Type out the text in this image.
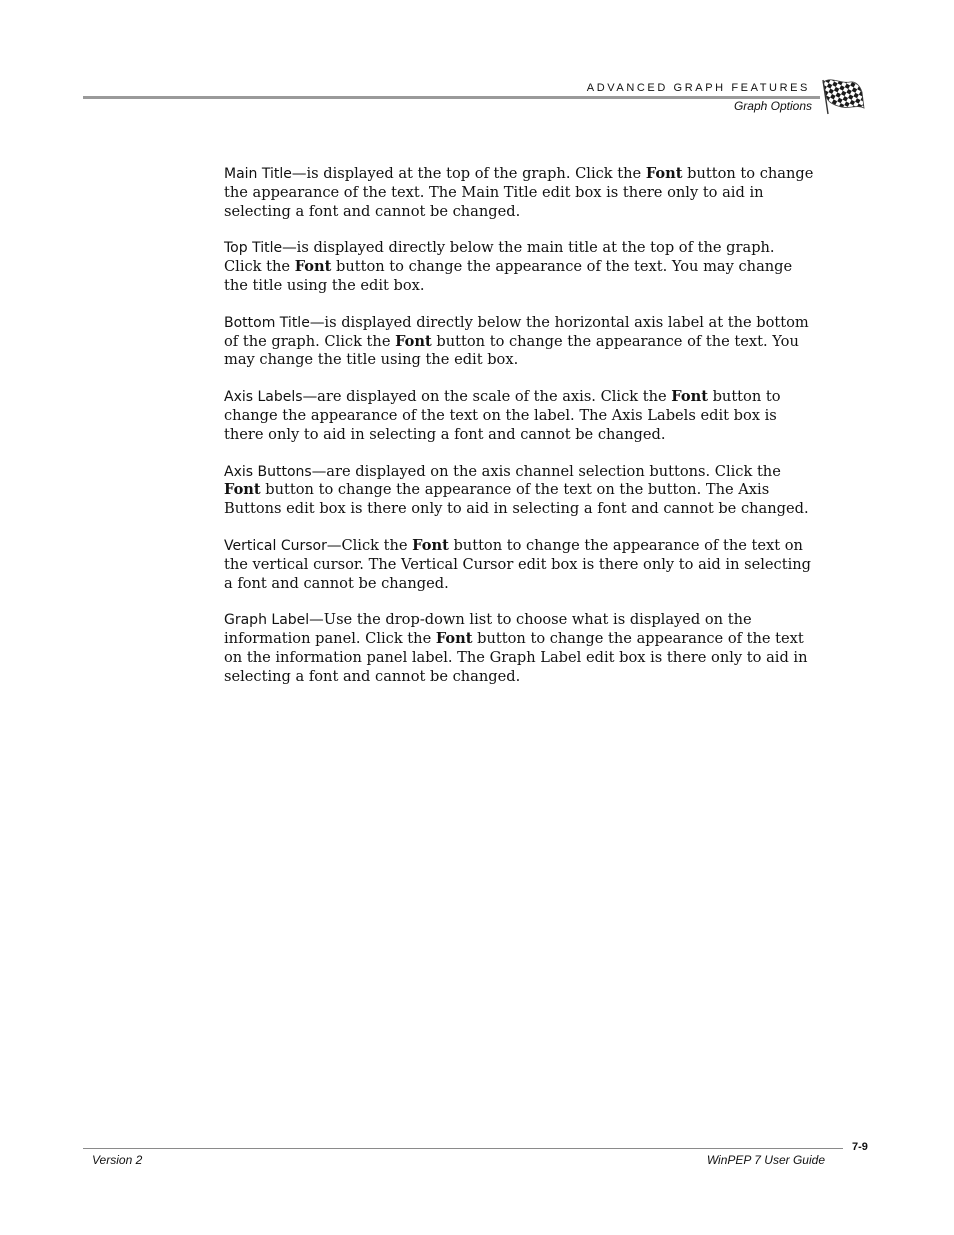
ADVANCED GRAPH FEATURES
Graph Options

Main Title—is displayed at the top of the graph. Click the Font button to change the appearance of the text. The Main Title edit box is there only to aid in selecting a font and cannot be changed.

Top Title—is displayed directly below the main title at the top of the graph. Click the Font button to change the appearance of the text. You may change the title using the edit box.

Bottom Title—is displayed directly below the horizontal axis label at the bottom of the graph. Click the Font button to change the appearance of the text. You may change the title using the edit box.

Axis Labels—are displayed on the scale of the axis. Click the Font button to change the appearance of the text on the label. The Axis Labels edit box is there only to aid in selecting a font and cannot be changed.

Axis Buttons—are displayed on the axis channel selection buttons. Click the Font button to change the appearance of the text on the button. The Axis Buttons edit box is there only to aid in selecting a font and cannot be changed.

Vertical Cursor—Click the Font button to change the appearance of the text on the vertical cursor. The Vertical Cursor edit box is there only to aid in selecting a font and cannot be changed.

Graph Label—Use the drop-down list to choose what is displayed on the information panel. Click the Font button to change the appearance of the text on the information panel label. The Graph Label edit box is there only to aid in selecting a font and cannot be changed.

7-9
Version 2	WinPEP 7 User Guide
